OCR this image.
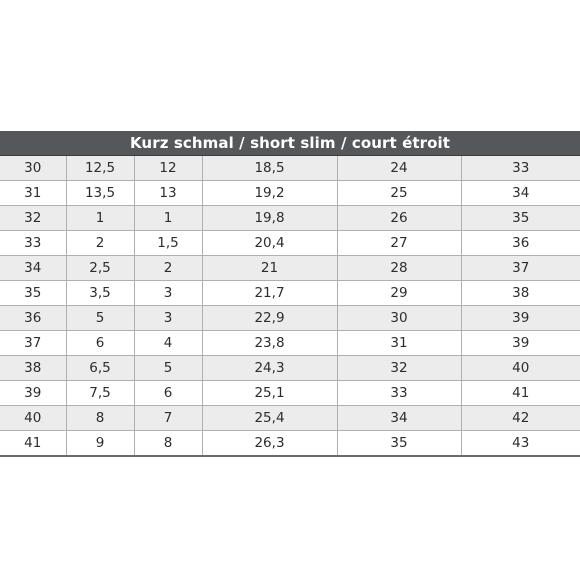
Kurz schmal / short slim / court étroit					
30	12,5	12	18,5	24	33
31	13,5	13	19,2	25	34
32	1	1	19,8	26	35
33	2	1,5	20,4	27	36
34	2,5	2	21	28	37
35	3,5	3	21,7	29	38
36	5	3	22,9	30	39
37	6	4	23,8	31	39
38	6,5	5	24,3	32	40
39	7,5	6	25,1	33	41
40	8	7	25,4	34	42
41	9	8	26,3	35	43
